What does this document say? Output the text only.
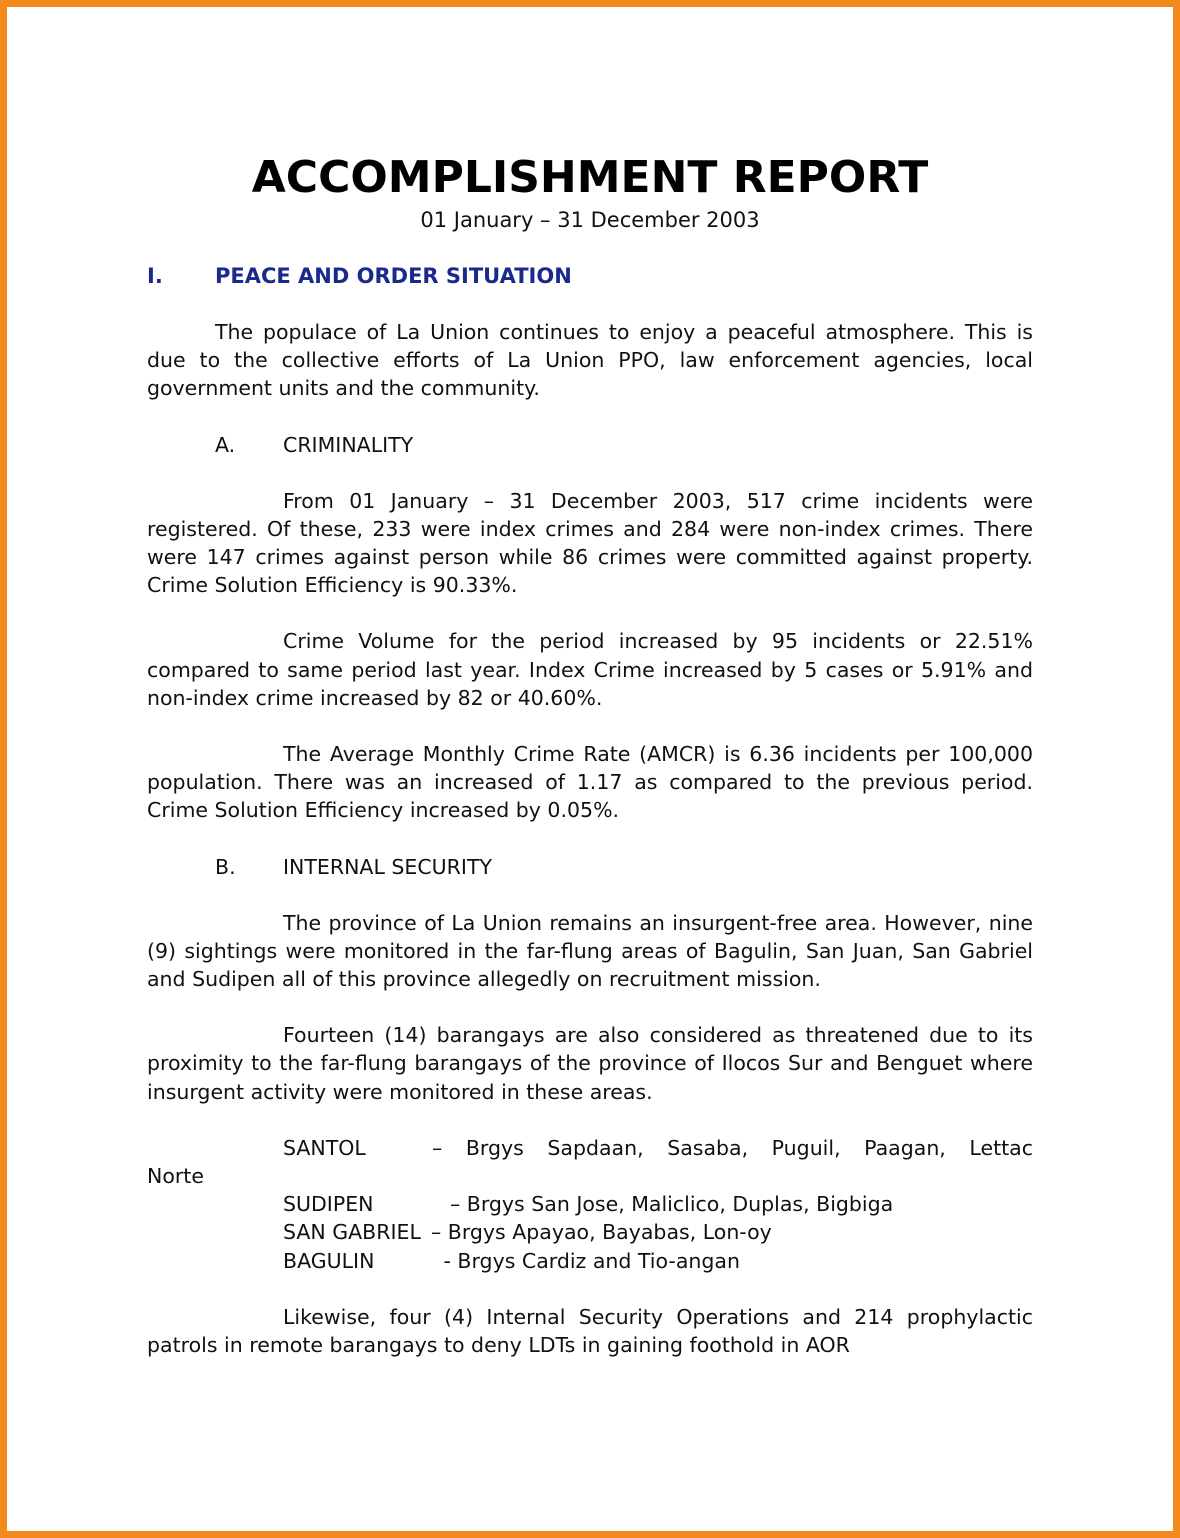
ACCOMPLISHMENT REPORT
01 January – 31 December 2003
I. PEACE AND ORDER SITUATION

The populace of La Union continues to enjoy a peaceful atmosphere. This is due to the collective efforts of La Union PPO, law enforcement agencies, local government units and the community.

A. CRIMINALITY

From 01 January – 31 December 2003, 517 crime incidents were registered. Of these, 233 were index crimes and 284 were non-index crimes. There were 147 crimes against person while 86 crimes were committed against property. Crime Solution Efficiency is 90.33%.

Crime Volume for the period increased by 95 incidents or 22.51% compared to same period last year. Index Crime increased by 5 cases or 5.91% and non-index crime increased by 82 or 40.60%.

The Average Monthly Crime Rate (AMCR) is 6.36 incidents per 100,000 population. There was an increased of 1.17 as compared to the previous period. Crime Solution Efficiency increased by 0.05%.

B. INTERNAL SECURITY

The province of La Union remains an insurgent-free area. However, nine (9) sightings were monitored in the far-flung areas of Bagulin, San Juan, San Gabriel and Sudipen all of this province allegedly on recruitment mission.

Fourteen (14) barangays are also considered as threatened due to its proximity to the far-flung barangays of the province of Ilocos Sur and Benguet where insurgent activity were monitored in these areas.

SANTOL	– Brgys Sapdaan, Sasaba, Puguil, Paagan, Lettac
Norte
SUDIPEN	– Brgys San Jose, Maliclico, Duplas, Bigbiga
SAN GABRIEL – Brgys Apayao, Bayabas, Lon-oy
BAGULIN	- Brgys Cardiz and Tio-angan

Likewise, four (4) Internal Security Operations and 214 prophylactic patrols in remote barangays to deny LDTs in gaining foothold in AOR
